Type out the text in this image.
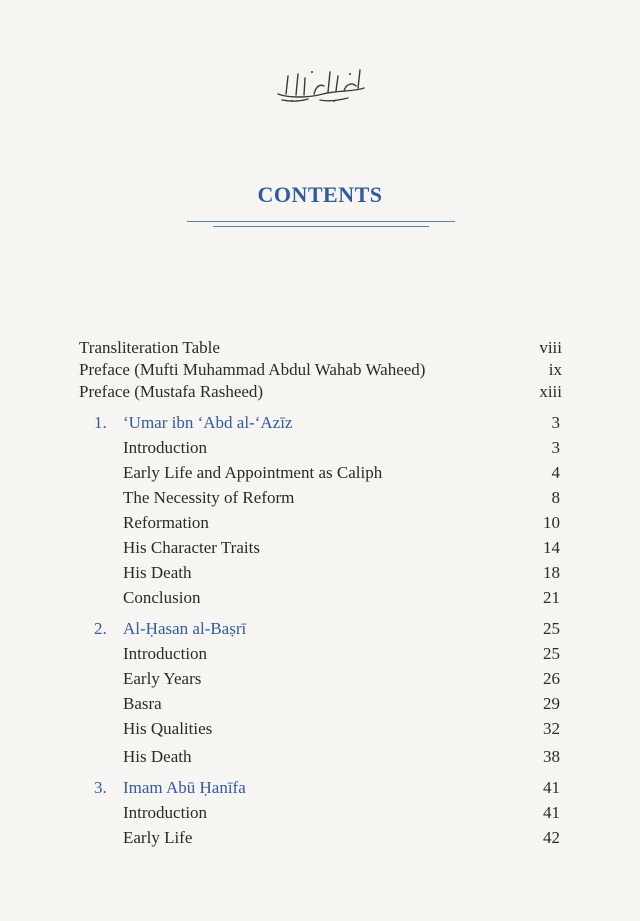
CONTENTS
Transliteration Table	viii
Preface (Mufti Muhammad Abdul Wahab Waheed)	ix
Preface (Mustafa Rasheed)	xiii
1. ‘Umar ibn ‘Abd al-‘Azīz	3
Introduction	3
Early Life and Appointment as Caliph	4
The Necessity of Reform	8
Reformation	10
His Character Traits	14
His Death	18
Conclusion	21
2. Al-Ḥasan al-Baṣrī	25
Introduction	25
Early Years	26
Basra	29
His Qualities	32
His Death	38
3. Imam Abū Ḥanīfa	41
Introduction	41
Early Life	42
